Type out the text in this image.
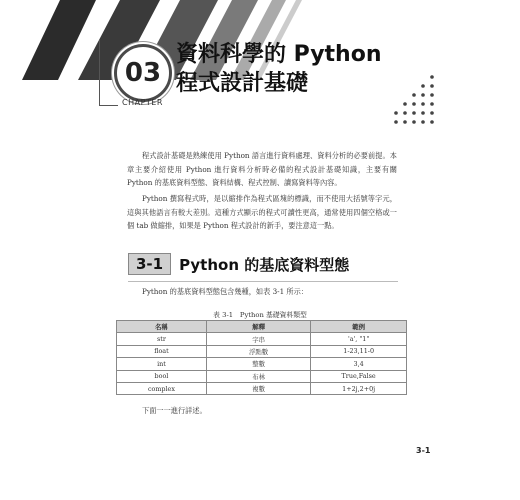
03
CHAPTER
資料科學的 Python
程式設計基礎

程式設計基礎是熟練使用 Python 語言進行資料處理、資料分析的必要前提。本章主要介紹使用 Python 進行資料分析時必備的程式設計基礎知識，主要有關 Python 的基底資料型態、資料結構、程式控制、讀寫資料等內容。

Python 撰寫程式時，是以縮排作為程式區塊的標識，而不使用大括號等字元，這與其他語言有較大差別。這種方式顯示的程式可讀性更高，通常使用四個空格或一個 tab 做縮排，如果是 Python 程式設計的新手，要注意這一點。

3-1	Python 的基底資料型態
Python 的基底資料型態包含幾種，如表 3-1 所示：
表 3-1　Python 基礎資料類型
名稱	解釋	範例
str	字串	'a', "1"
float	浮點數	1-23,11-0
int	整數	3,4
bool	布林	True,False
complex	複數	1+2j,2+0j
下面一一進行詳述。
3-1
